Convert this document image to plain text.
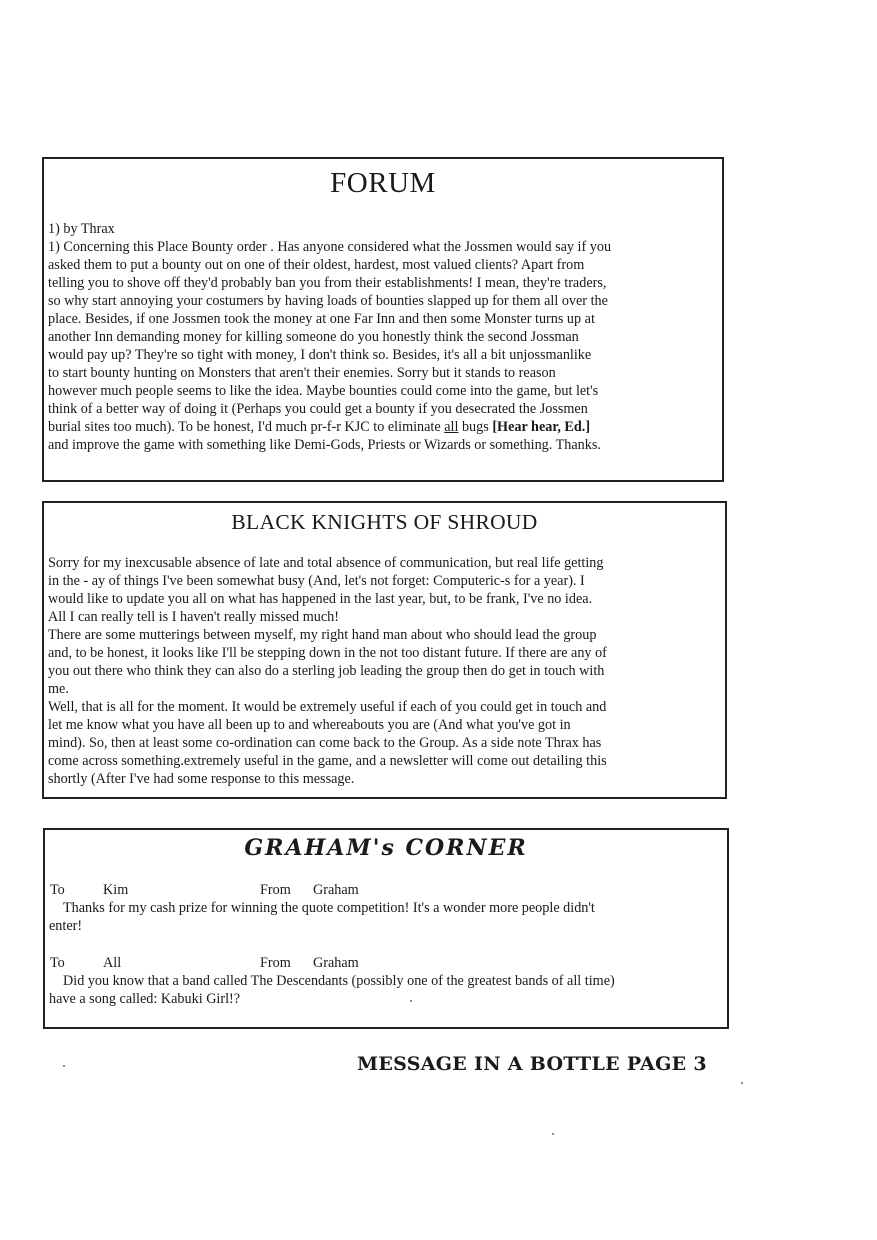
FORUM
1) by Thrax
1) Concerning this Place Bounty order . Has anyone considered what the Jossmen would say if you
asked them to put a bounty out on one of their oldest, hardest, most valued clients? Apart from
telling you to shove off they'd probably ban you from their establishments! I mean, they're traders,
so why start annoying your costumers by having loads of bounties slapped up for them all over the
place. Besides, if one Jossmen took the money at one Far Inn and then some Monster turns up at
another Inn demanding money for killing someone do you honestly think the second Jossman
would pay up? They're so tight with money, I don't think so. Besides, it's all a bit unjossmanlike
to start bounty hunting on Monsters that aren't their enemies. Sorry but it stands to reason
however much people seems to like the idea. Maybe bounties could come into the game, but let's
think of a better way of doing it (Perhaps you could get a bounty if you desecrated the Jossmen
burial sites too much). To be honest, I'd much pr-f-r KJC to eliminate all bugs [Hear hear, Ed.]
and improve the game with something like Demi-Gods, Priests or Wizards or something. Thanks.
BLACK KNIGHTS OF SHROUD
Sorry for my inexcusable absence of late and total absence of communication, but real life getting
in the - ay of things I've been somewhat busy (And, let's not forget: Computeric-s for a year). I
would like to update you all on what has happened in the last year, but, to be frank, I've no idea.
All I can really tell is I haven't really missed much!
There are some mutterings between myself, my right hand man about who should lead the group
and, to be honest, it looks like I'll be stepping down in the not too distant future. If there are any of
you out there who think they can also do a sterling job leading the group then do get in touch with
me.
Well, that is all for the moment. It would be extremely useful if each of you could get in touch and
let me know what you have all been up to and whereabouts you are (And what you've got in
mind). So, then at least some co-ordination can come back to the Group. As a side note Thrax has
come across something.extremely useful in the game, and a newsletter will come out detailing this
shortly (After I've had some response to this message.
GRAHAM's CORNER
To	Kim	From Graham
Thanks for my cash prize for winning the quote competition! It's a wonder more people didn't
enter!
To	All	From Graham
Did you know that a band called The Descendants (possibly one of the greatest bands of all time)
have a song called: Kabuki Girl!?
MESSAGE IN A BOTTLE PAGE 3
